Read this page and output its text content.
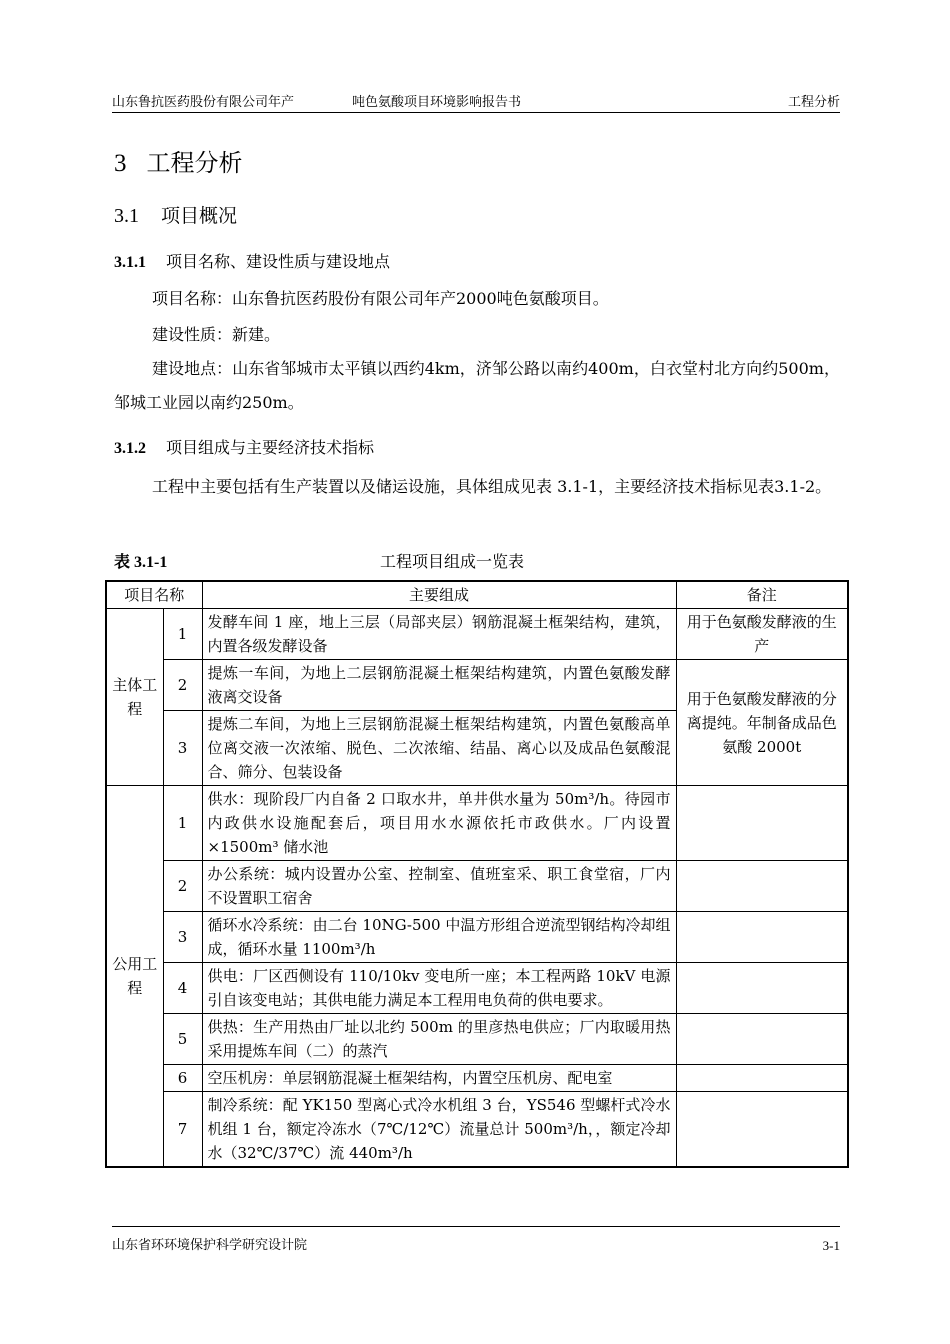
山东鲁抗医药股份有限公司年产	吨色氨酸项目环境影响报告书	工程分析
3 工程分析
3.1 项目概况
3.1.1 项目名称、建设性质与建设地点
项目名称：山东鲁抗医药股份有限公司年产2000吨色氨酸项目。
建设性质：新建。
建设地点：山东省邹城市太平镇以西约4km，济邹公路以南约400m，白衣堂村北方向约500m，邹城工业园以南约250m。
3.1.2 项目组成与主要经济技术指标
工程中主要包括有生产装置以及储运设施，具体组成见表 3.1-1，主要经济技术指标见表3.1-2。
表 3.1-1	工程项目组成一览表
项目名称		主要组成	备注
主体工程	1	发酵车间 1 座，地上三层（局部夹层）钢筋混凝土框架结构，建筑，内置各级发酵设备	用于色氨酸发酵液的生产
	2	提炼一车间，为地上二层钢筋混凝土框架结构建筑，内置色氨酸发酵液离交设备	用于色氨酸发酵液的分离提纯。年制备成品色氨酸 2000t
	3	提炼二车间，为地上三层钢筋混凝土框架结构建筑，内置色氨酸高单位离交液一次浓缩、脱色、二次浓缩、结晶、离心以及成品色氨酸混合、筛分、包装设备	
公用工程	1	供水：现阶段厂内自备 2 口取水井，单井供水量为 50m³/h。待园市内政供水设施配套后，项目用水水源依托市政供水。厂内设置 ×1500m³ 储水池	
	2	办公系统：城内设置办公室、控制室、值班室采、职工食堂宿，厂内不设置职工宿舍	
	3	循环水冷系统：由二台 10NG-500 中温方形组合逆流型钢结构冷却组成，循环水量 1100m³/h	
	4	供电：厂区西侧设有 110/10kv 变电所一座；本工程两路 10kV 电源引自该变电站；其供电能力满足本工程用电负荷的供电要求。	
	5	供热：生产用热由厂址以北约 500m 的里彦热电供应；厂内取暖用热采用提炼车间（二）的蒸汽	
	6	空压机房：单层钢筋混凝土框架结构，内置空压机房、配电室	
	7	制冷系统：配 YK150 型离心式冷水机组 3 台，YS546 型螺杆式冷水机组 1 台，额定冷冻水（7℃/12℃）流量总计 500m³/h，，额定冷却水（32℃/37℃）流 440m³/h	
山东省环环境保护科学研究设计院	3-1
